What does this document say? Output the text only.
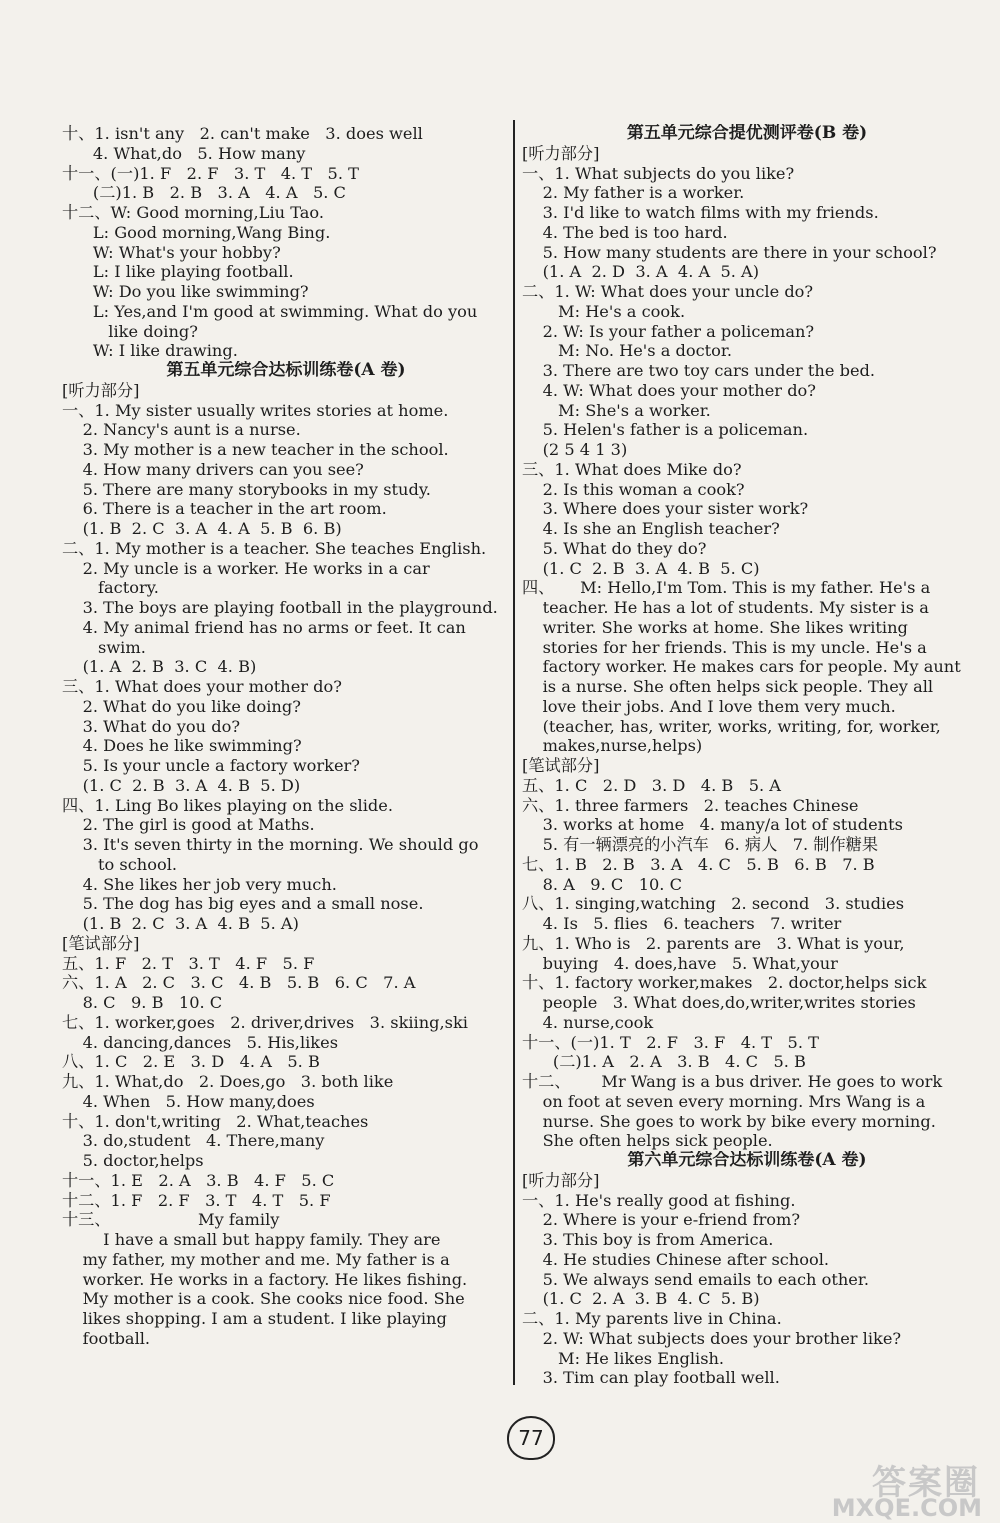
十、1. isn't any   2. can't make   3. does well
4. What,do   5. How many
十一、(一)1. F   2. F   3. T   4. T   5. T
(二)1. B   2. B   3. A   4. A   5. C
十二、W: Good morning,Liu Tao.
L: Good morning,Wang Bing.
W: What's your hobby?
L: I like playing football.
W: Do you like swimming?
L: Yes,and I'm good at swimming. What do you
like doing?
W: I like drawing.
第五单元综合达标训练卷(A 卷)
[听力部分]
一、1. My sister usually writes stories at home.
2. Nancy's aunt is a nurse.
3. My mother is a new teacher in the school.
4. How many drivers can you see?
5. There are many storybooks in my study.
6. There is a teacher in the art room.
(1. B  2. C  3. A  4. A  5. B  6. B)
二、1. My mother is a teacher. She teaches English.
2. My uncle is a worker. He works in a car
factory.
3. The boys are playing football in the playground.
4. My animal friend has no arms or feet. It can
swim.
(1. A  2. B  3. C  4. B)
三、1. What does your mother do?
2. What do you like doing?
3. What do you do?
4. Does he like swimming?
5. Is your uncle a factory worker?
(1. C  2. B  3. A  4. B  5. D)
四、1. Ling Bo likes playing on the slide.
2. The girl is good at Maths.
3. It's seven thirty in the morning. We should go
to school.
4. She likes her job very much.
5. The dog has big eyes and a small nose.
(1. B  2. C  3. A  4. B  5. A)
[笔试部分]
五、1. F   2. T   3. T   4. F   5. F
六、1. A   2. C   3. C   4. B   5. B   6. C   7. A
8. C   9. B   10. C
七、1. worker,goes   2. driver,drives   3. skiing,ski
4. dancing,dances   5. His,likes
八、1. C   2. E   3. D   4. A   5. B
九、1. What,do   2. Does,go   3. both like
4. When   5. How many,does
十、1. don't,writing   2. What,teaches
3. do,student   4. There,many
5. doctor,helps
十一、1. E   2. A   3. B   4. F   5. C
十二、1. F   2. F   3. T   4. T   5. F
十三、                 My family
I have a small but happy family. They are
my father, my mother and me. My father is a
worker. He works in a factory. He likes fishing.
My mother is a cook. She cooks nice food. She
likes shopping. I am a student. I like playing
football.
第五单元综合提优测评卷(B 卷)
[听力部分]
一、1. What subjects do you like?
2. My father is a worker.
3. I'd like to watch films with my friends.
4. The bed is too hard.
5. How many students are there in your school?
(1. A  2. D  3. A  4. A  5. A)
二、1. W: What does your uncle do?
M: He's a cook.
2. W: Is your father a policeman?
M: No. He's a doctor.
3. There are two toy cars under the bed.
4. W: What does your mother do?
M: She's a worker.
5. Helen's father is a policeman.
(2 5 4 1 3)
三、1. What does Mike do?
2. Is this woman a cook?
3. Where does your sister work?
4. Is she an English teacher?
5. What do they do?
(1. C  2. B  3. A  4. B  5. C)
四、     M: Hello,I'm Tom. This is my father. He's a
teacher. He has a lot of students. My sister is a
writer. She works at home. She likes writing
stories for her friends. This is my uncle. He's a
factory worker. He makes cars for people. My aunt
is a nurse. She often helps sick people. They all
love their jobs. And I love them very much.
(teacher, has, writer, works, writing, for, worker,
makes,nurse,helps)
[笔试部分]
五、1. C   2. D   3. D   4. B   5. A
六、1. three farmers   2. teaches Chinese
3. works at home   4. many/a lot of students
5. 有一辆漂亮的小汽车   6. 病人   7. 制作糖果
七、1. B   2. B   3. A   4. C   5. B   6. B   7. B
8. A   9. C   10. C
八、1. singing,watching   2. second   3. studies
4. Is   5. flies   6. teachers   7. writer
九、1. Who is   2. parents are   3. What is your,
buying   4. does,have   5. What,your
十、1. factory worker,makes   2. doctor,helps sick
people   3. What does,do,writer,writes stories
4. nurse,cook
十一、(一)1. T   2. F   3. F   4. T   5. T
(二)1. A   2. A   3. B   4. C   5. B
十二、      Mr Wang is a bus driver. He goes to work
on foot at seven every morning. Mrs Wang is a
nurse. She goes to work by bike every morning.
She often helps sick people.
第六单元综合达标训练卷(A 卷)
[听力部分]
一、1. He's really good at fishing.
2. Where is your e-friend from?
3. This boy is from America.
4. He studies Chinese after school.
5. We always send emails to each other.
(1. C  2. A  3. B  4. C  5. B)
二、1. My parents live in China.
2. W: What subjects does your brother like?
M: He likes English.
3. Tim can play football well.
77
答案圈
MXQE.COM
